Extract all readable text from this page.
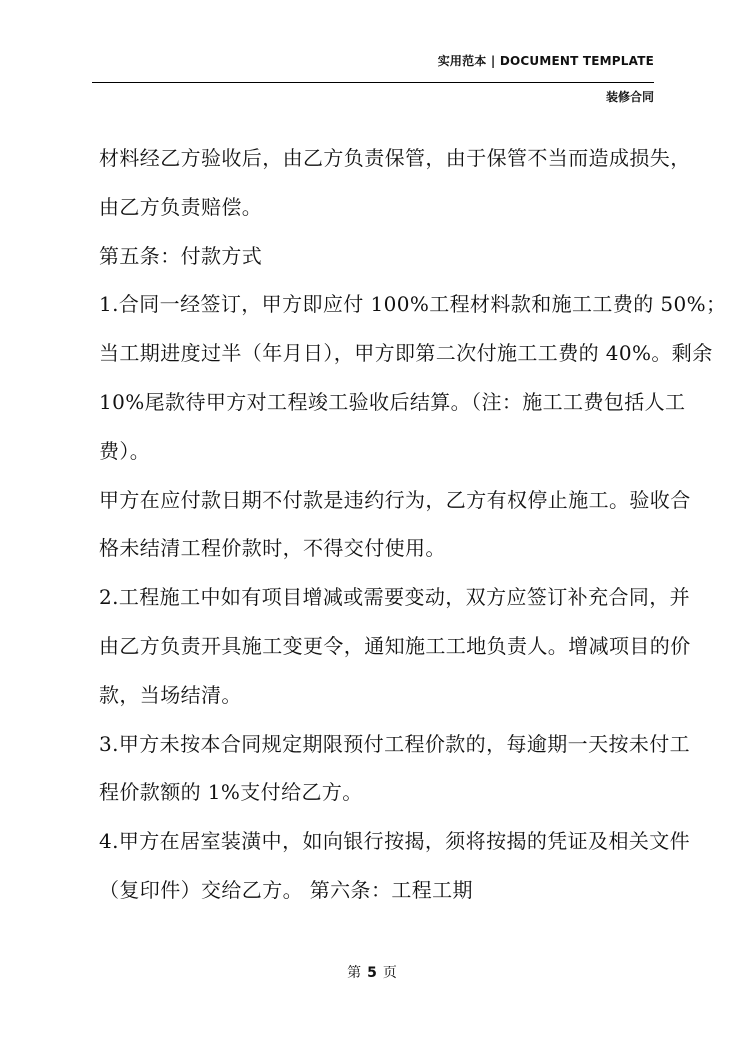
实用范本 | DOCUMENT TEMPLATE
装修合同
材料经乙方验收后，由乙方负责保管，由于保管不当而造成损失，
由乙方负责赔偿。
第五条：付款方式
1.合同一经签订，甲方即应付 100%工程材料款和施工工费的 50%；
当工期进度过半（年月日），甲方即第二次付施工工费的 40%。剩余
10%尾款待甲方对工程竣工验收后结算。（注：施工工费包括人工
费）。
甲方在应付款日期不付款是违约行为，乙方有权停止施工。验收合
格未结清工程价款时，不得交付使用。
2.工程施工中如有项目增减或需要变动，双方应签订补充合同，并
由乙方负责开具施工变更令，通知施工工地负责人。增减项目的价
款，当场结清。
3.甲方未按本合同规定期限预付工程价款的，每逾期一天按未付工
程价款额的 1%支付给乙方。
4.甲方在居室装潢中，如向银行按揭，须将按揭的凭证及相关文件
（复印件）交给乙方。 第六条：工程工期
第 5 页
